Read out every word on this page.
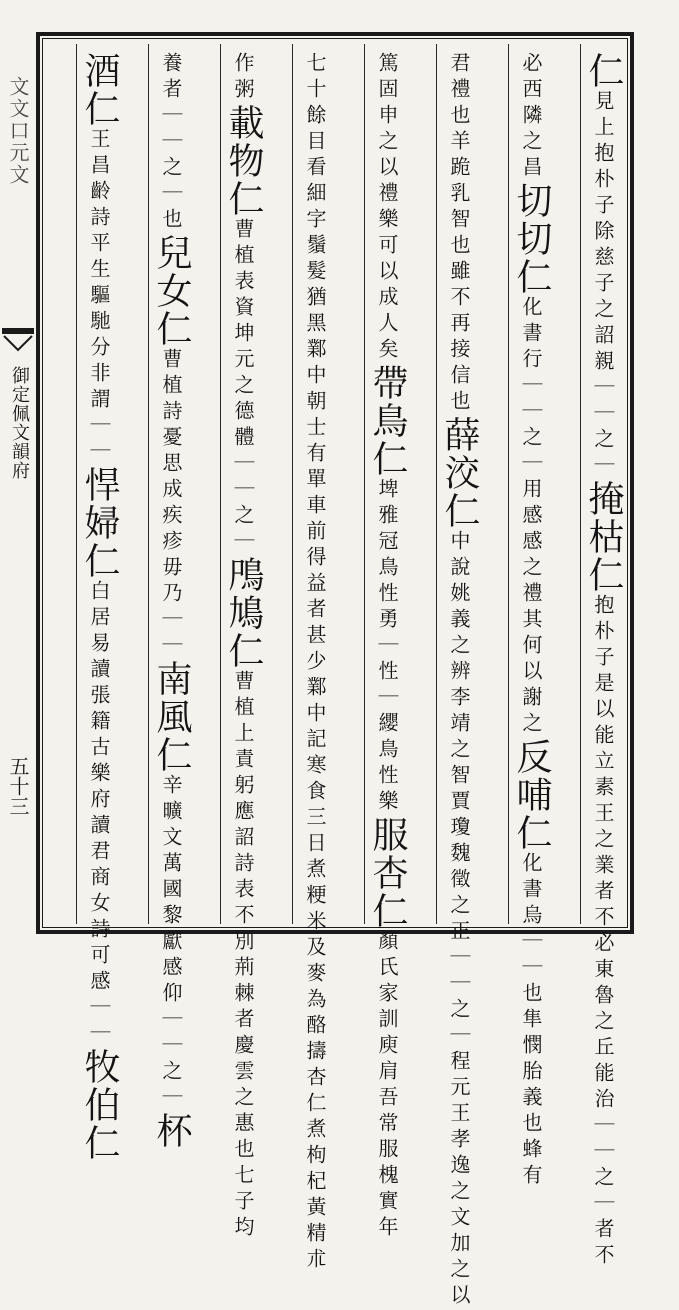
文文口元文
御定佩文韻府
五十三
仁見上抱朴子除慈子之詔親｜｜之｜掩枯仁抱朴子是以能立素王之業者不必東魯之丘能治｜｜之｜者不
必西隣之昌切切仁化書行｜｜之｜用感感之禮其何以謝之反哺仁化書烏｜｜也隼憫胎義也蜂有
君禮也羊跪乳智也雖不再接信也薛洨仁中說姚義之辨李靖之智賈瓊魏徵之正｜｜之｜程元王孝逸之文加之以
篤固申之以禮樂可以成人矣帶鳥仁埤雅冠鳥性勇｜性｜纓鳥性樂服杏仁顏氏家訓庾肩吾常服槐實年
七十餘目看細字鬚髮猶黑鄴中朝士有單車前得益者甚少鄴中記寒食三日煮粳米及麥為酪擣杏仁煮枸杞黃精朮
作粥載物仁曹植表資坤元之德體｜｜之｜鳲鳩仁曹植上責躬應詔詩表不別荊棘者慶雲之惠也七子均
養者｜｜之｜也兒女仁曹植詩憂思成疾疹毋乃｜｜南風仁辛曠文萬國黎獻感仰｜｜之｜杯
酒仁王昌齡詩平生驅馳分非謂｜｜悍婦仁白居易讀張籍古樂府讀君商女詩可感｜｜牧伯仁
